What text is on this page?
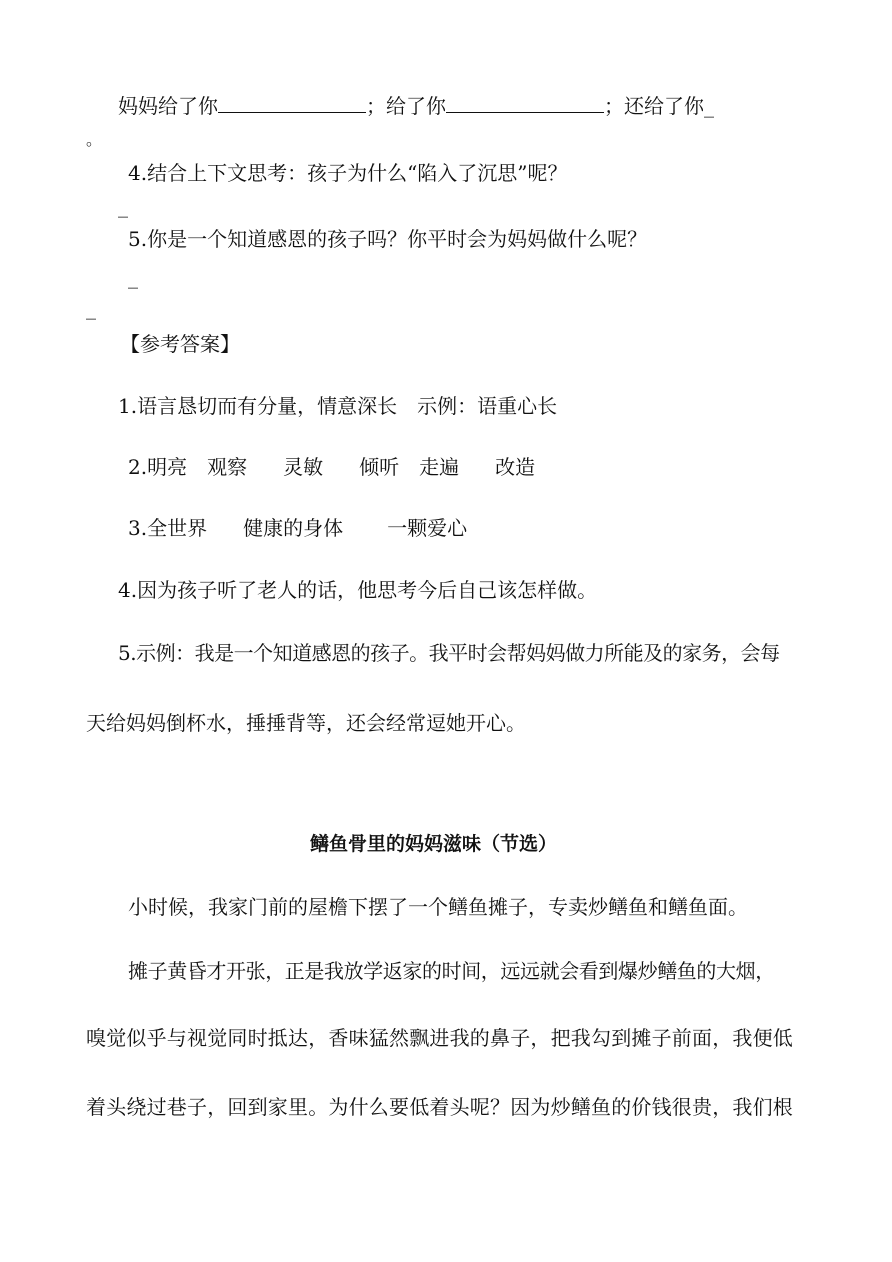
妈妈给了你	；给了你	；还给了你_
。
4.结合上下文思考：孩子为什么“陷入了沉思”呢？
_
5.你是一个知道感恩的孩子吗？你平时会为妈妈做什么呢？
_
_
【参考答案】
1.语言恳切而有分量，情意深长 示例：语重心长
2.明亮 观察 灵敏 倾听 走遍 改造
3.全世界 健康的身体 一颗爱心
4.因为孩子听了老人的话，他思考今后自己该怎样做。
5.示例：我是一个知道感恩的孩子。我平时会帮妈妈做力所能及的家务，会每
天给妈妈倒杯水，捶捶背等，还会经常逗她开心。
鳝鱼骨里的妈妈滋味（节选）
小时候，我家门前的屋檐下摆了一个鳝鱼摊子，专卖炒鳝鱼和鳝鱼面。
摊子黄昏才开张，正是我放学返家的时间，远远就会看到爆炒鳝鱼的大烟，
嗅觉似乎与视觉同时抵达，香味猛然飘进我的鼻子，把我勾到摊子前面，我便低
着头绕过巷子，回到家里。为什么要低着头呢？因为炒鳝鱼的价钱很贵，我们根
